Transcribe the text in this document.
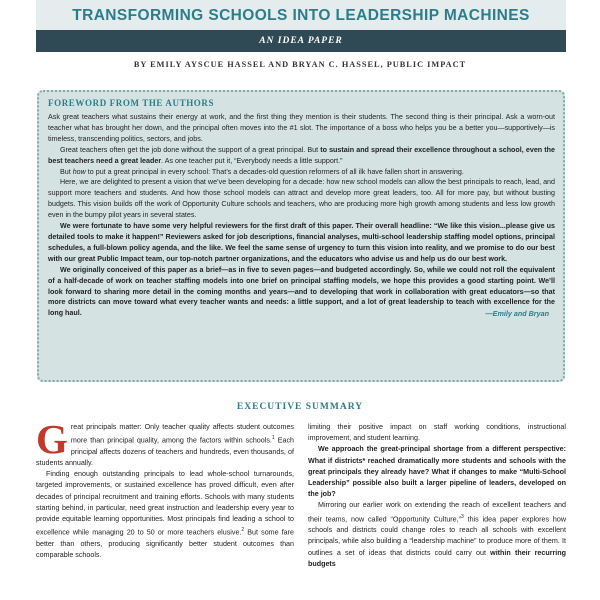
TRANSFORMING SCHOOLS INTO LEADERSHIP MACHINES
AN IDEA PAPER
BY EMILY AYSCUE HASSEL AND BRYAN C. HASSEL, PUBLIC IMPACT
FOREWORD FROM THE AUTHORS

Ask great teachers what sustains their energy at work, and the first thing they mention is their students. The second thing is their principal. Ask a worn-out teacher what has brought her down, and the principal often moves into the #1 slot. The importance of a boss who helps you be a better you—supportively—is timeless, transcending politics, sectors, and jobs.

Great teachers often get the job done without the support of a great principal. But to sustain and spread their excellence throughout a school, even the best teachers need a great leader. As one teacher put it, “Everybody needs a little support.”

But how to put a great principal in every school: That’s a decades-old question reformers of all ilk have fallen short in answering.

Here, we are delighted to present a vision that we’ve been developing for a decade: how new school models can allow the best principals to reach, lead, and support more teachers and students. And how those school models can attract and develop more great leaders, too. All for more pay, but without busting budgets. This vision builds off the work of Opportunity Culture schools and teachers, who are producing more high growth among students and less low growth even in the bumpy pilot years in several states.

We were fortunate to have some very helpful reviewers for the first draft of this paper. Their overall headline: “We like this vision...please give us detailed tools to make it happen!” Reviewers asked for job descriptions, financial analyses, multi-school leadership staffing model options, principal schedules, a full-blown policy agenda, and the like. We feel the same sense of urgency to turn this vision into reality, and we promise to do our best with our great Public Impact team, our top-notch partner organizations, and the educators who advise us and help us do our best work.

We originally conceived of this paper as a brief—as in five to seven pages—and budgeted accordingly. So, while we could not roll the equivalent of a half-decade of work on teacher staffing models into one brief on principal staffing models, we hope this provides a good starting point. We’ll look forward to sharing more detail in the coming months and years—and to developing that work in collaboration with great educators—so that more districts can move toward what every teacher wants and needs: a little support, and a lot of great leadership to teach with excellence for the long haul.	—Emily and Bryan
EXECUTIVE SUMMARY

Great principals matter: Only teacher quality affects student outcomes more than principal quality, among the factors within schools.$^1$ Each principal affects dozens of teachers and hundreds, even thousands, of students annually.

Finding enough outstanding principals to lead whole-school turnarounds, targeted improvements, or sustained excellence has proved difficult, even after decades of principal recruitment and training efforts. Schools with many students starting behind, in particular, need great instruction and leadership every year to provide equitable learning opportunities. Most principals find leading a school to excellence while managing 20 to 50 or more teachers elusive.$^2$ But some fare better than others, producing significantly better student outcomes than comparable schools.

limiting their positive impact on staff working conditions, instructional improvement, and student learning.

We approach the great-principal shortage from a different perspective: What if districts* reached dramatically more students and schools with the great principals they already have? What if changes to make “Multi-School Leadership” possible also built a larger pipeline of leaders, developed on the job?

Mirroring our earlier work on extending the reach of excellent teachers and their teams, now called “Opportunity Culture,”$^3$ this idea paper explores how schools and districts could change roles to reach all schools with excellent principals, while also building a “leadership machine” to produce more of them. It outlines a set of ideas that districts could carry out within their recurring budgets
